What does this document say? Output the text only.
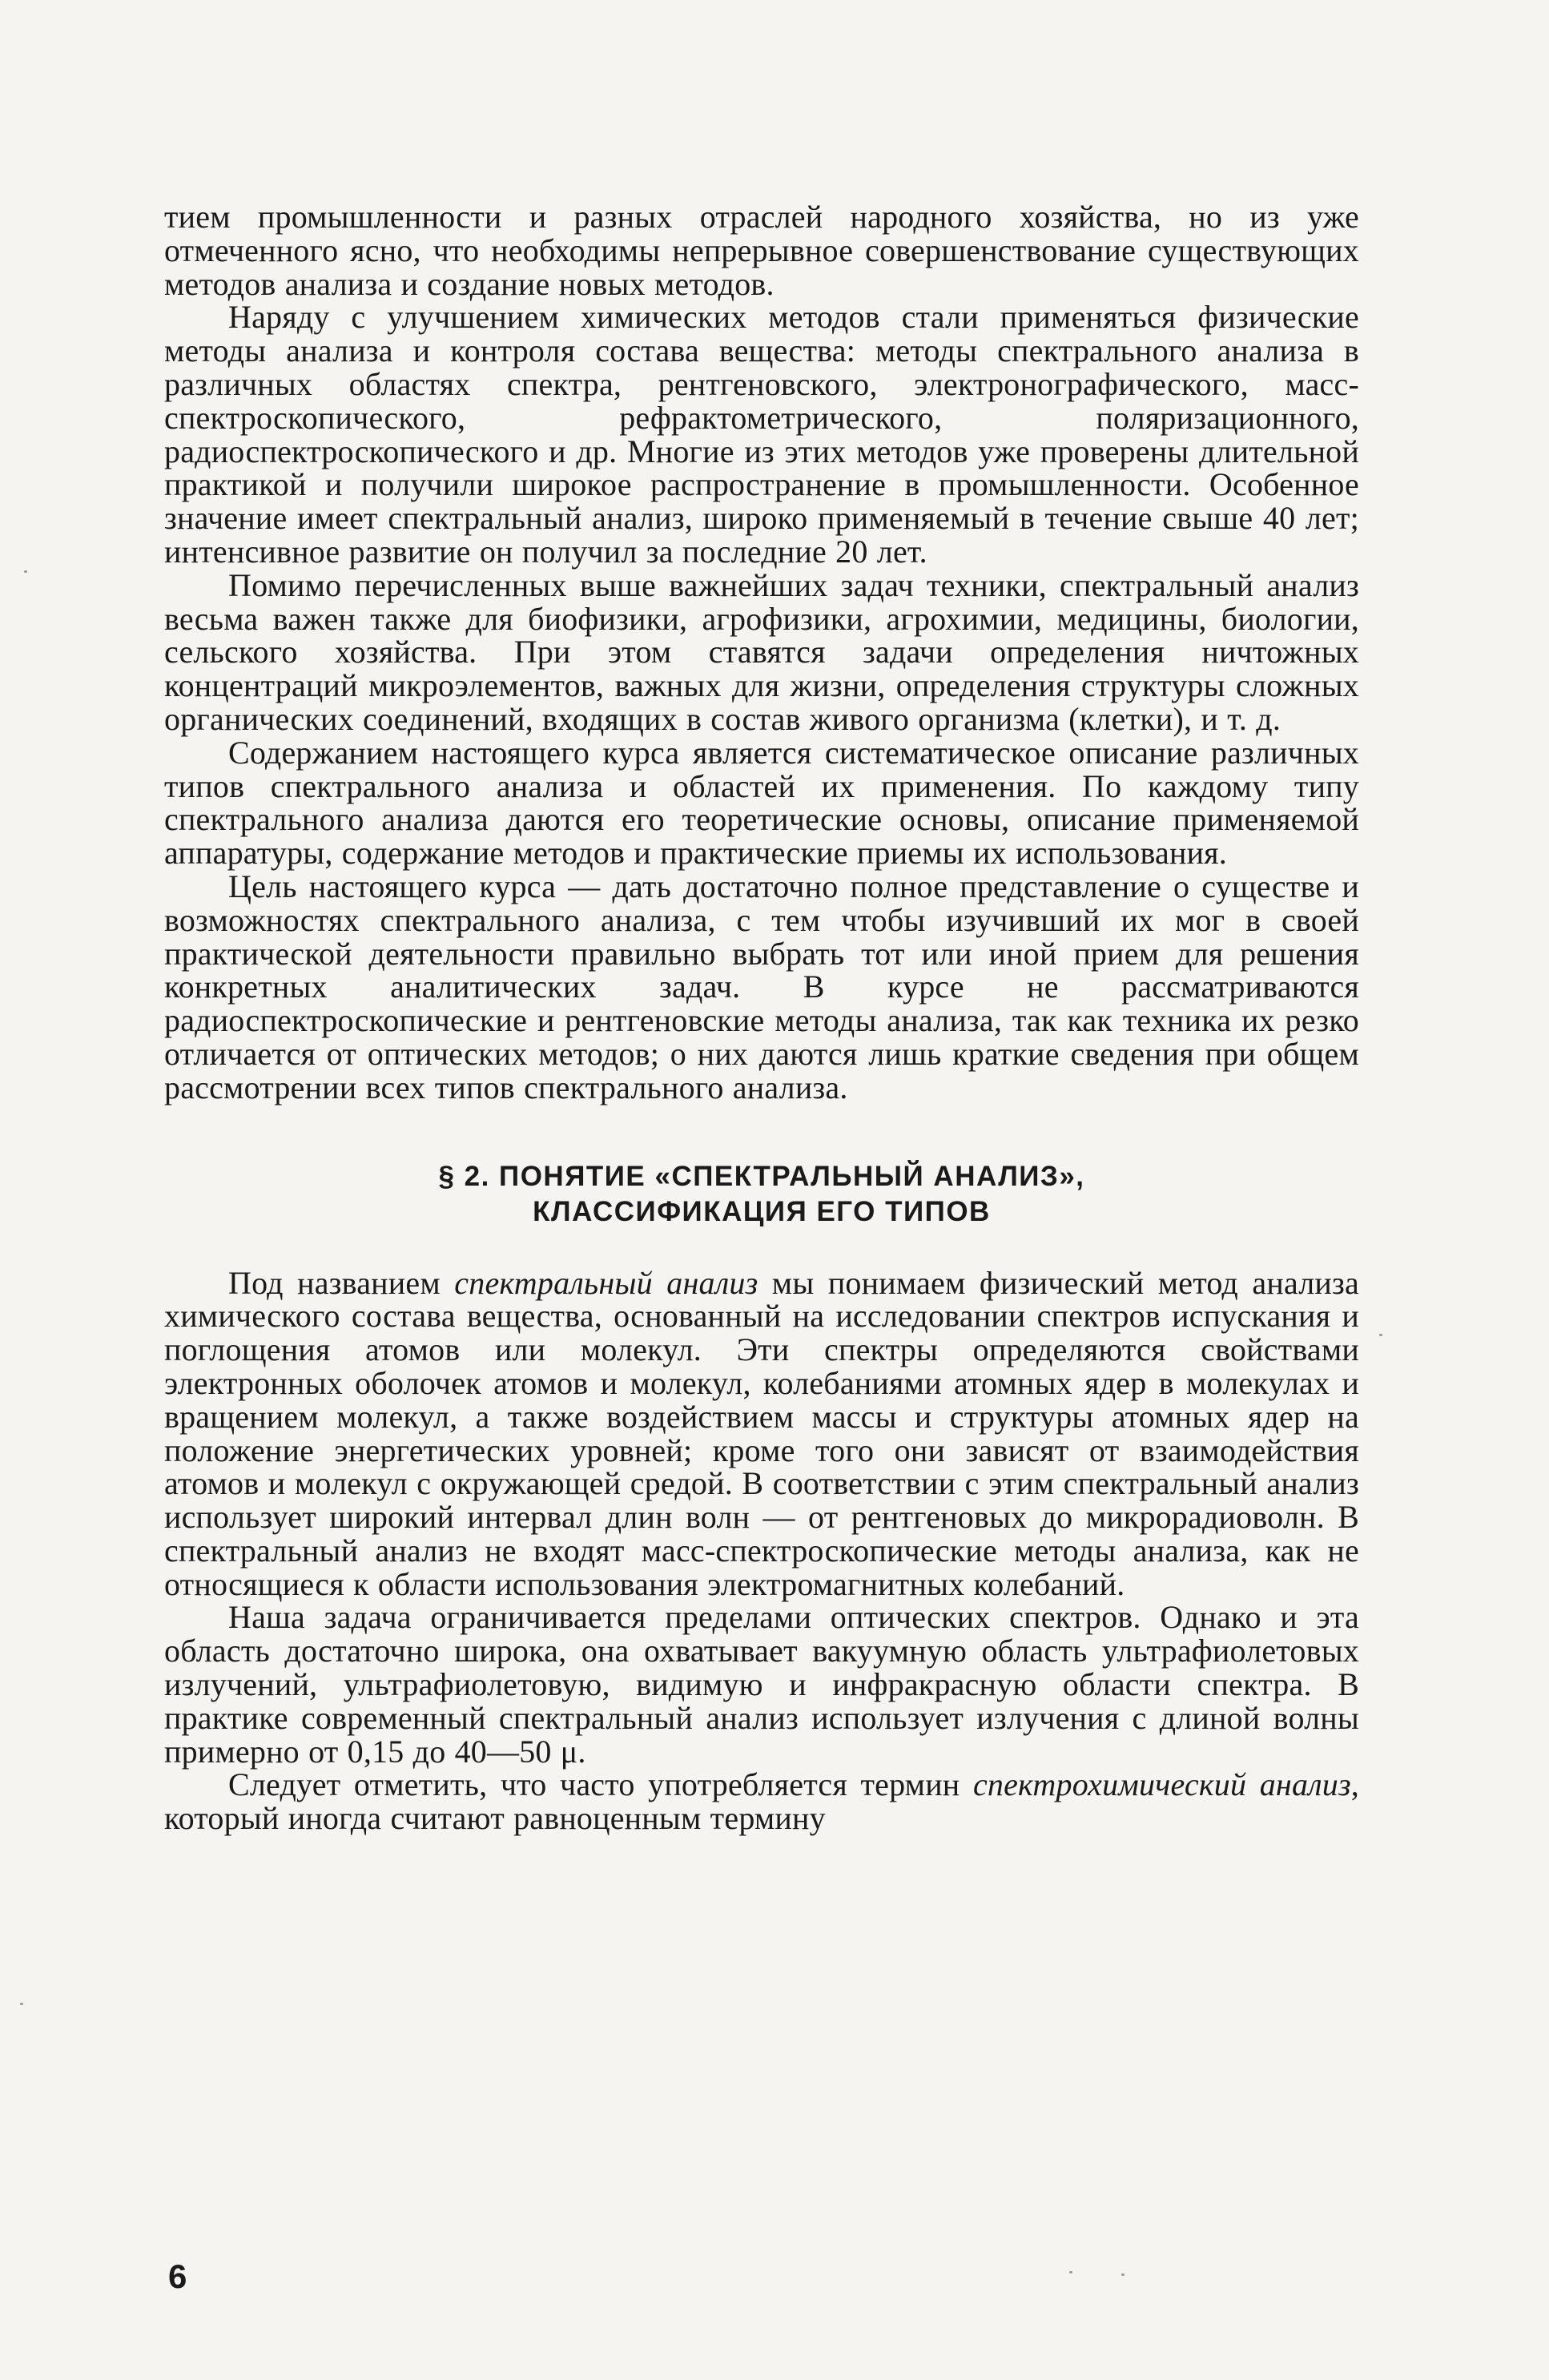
тием промышленности и разных отраслей народного хозяйства, но из уже отмеченного ясно, что необходимы непрерывное совершенствование существующих методов анализа и создание новых методов.

Наряду с улучшением химических методов стали применяться физические методы анализа и контроля состава вещества: методы спектрального анализа в различных областях спектра, рентгеновского, электронографического, масс-спектроскопического, рефрактометрического, поляризационного, радиоспектроскопического и др. Многие из этих методов уже проверены длительной практикой и получили широкое распространение в промышленности. Особенное значение имеет спектральный анализ, широко применяемый в течение свыше 40 лет; интенсивное развитие он получил за последние 20 лет.

Помимо перечисленных выше важнейших задач техники, спектральный анализ весьма важен также для биофизики, агрофизики, агрохимии, медицины, биологии, сельского хозяйства. При этом ставятся задачи определения ничтожных концентраций микроэлементов, важных для жизни, определения структуры сложных органических соединений, входящих в состав живого организма (клетки), и т. д.

Содержанием настоящего курса является систематическое описание различных типов спектрального анализа и областей их применения. По каждому типу спектрального анализа даются его теоретические основы, описание применяемой аппаратуры, содержание методов и практические приемы их использования.

Цель настоящего курса — дать достаточно полное представление о существе и возможностях спектрального анализа, с тем чтобы изучивший их мог в своей практической деятельности правильно выбрать тот или иной прием для решения конкретных аналитических задач. В курсе не рассматриваются радиоспектроскопические и рентгеновские методы анализа, так как техника их резко отличается от оптических методов; о них даются лишь краткие сведения при общем рассмотрении всех типов спектрального анализа.

§ 2. ПОНЯТИЕ «СПЕКТРАЛЬНЫЙ АНАЛИЗ»,
КЛАССИФИКАЦИЯ ЕГО ТИПОВ

Под названием спектральный анализ мы понимаем физический метод анализа химического состава вещества, основанный на исследовании спектров испускания и поглощения атомов или молекул. Эти спектры определяются свойствами электронных оболочек атомов и молекул, колебаниями атомных ядер в молекулах и вращением молекул, а также воздействием массы и структуры атомных ядер на положение энергетических уровней; кроме того они зависят от взаимодействия атомов и молекул с окружающей средой. В соответствии с этим спектральный анализ использует широкий интервал длин волн — от рентгеновых до микрорадиоволн. В спектральный анализ не входят масс-спектроскопические методы анализа, как не относящиеся к области использования электромагнитных колебаний.

Наша задача ограничивается пределами оптических спектров. Однако и эта область достаточно широка, она охватывает вакуумную область ультрафиолетовых излучений, ультрафиолетовую, видимую и инфракрасную области спектра. В практике современный спектральный анализ использует излучения с длиной волны примерно от 0,15 до 40—50 μ.

Следует отметить, что часто употребляется термин спектрохимический анализ, который иногда считают равноценным термину

6
